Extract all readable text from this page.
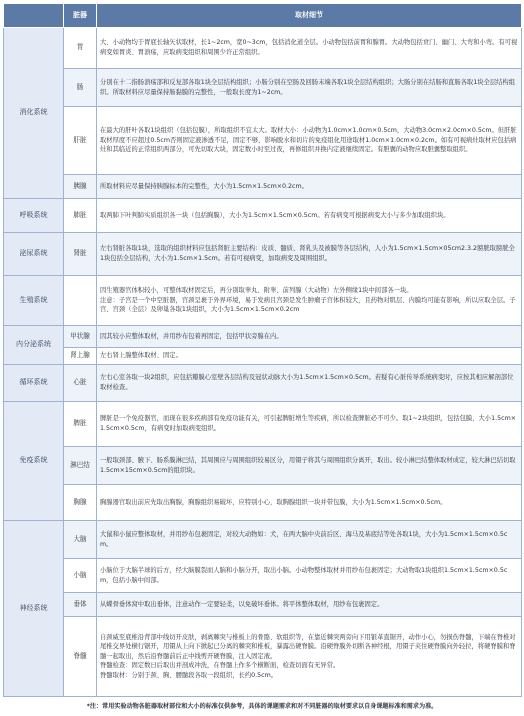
	脏器	取材细节
消化系统	胃	大、小动物均于胃底长轴矢状取材，长1~2cm，宽0~3cm，包括消化道全层。小动物包括前胃和腺胃。大动物包括贲门、幽门、大弯和小弯。有可视病变如胃炎、胃溃疡，应取病变组织和周围少许正常组织。
	肠	分别在十二指肠溃疡部和反复部各取1块全层结构组织；小肠分别在空肠及回肠末端各取1块全层结构组织；大肠分别在结肠和直肠各取1块全层结构组织。所取材料应尽量保持肠黏膜的完整性，一般取长度为1~2cm。
	肝脏	在最大的肝叶各取1块组织（包括包膜），所取组织不宜太大。取材大小：小动物为1.0cm×1.0cm×0.5cm，大动物3.0cm×2.0cm×0.5cm。但肝脏取材厚度不应超过0.5cm否则固定液渗透不足，固定不够，影响脱水和切片的免疫组化用途取材1.0cm×1.0cm×0.2cm。如有可视病灶取材应包括病灶和其临近的正常组织两部分，可先切取大块，固定数小时至过夜，再修组织并换内定液继续固定。有胆囊的动物应取胆囊整取组织。
	胰腺	所取材料应尽量保持胰腺标本的完整性，大小为1.5cm×1.5cm×0.2cm。
呼吸系统	肺脏	取两肺下叶判肺实质组织各一块（包括胸膜），大小为1.5cm×1.5cm×0.5cm。若有病变可根据病变大小与多少加取组织块。
泌尿系统	肾脏	左右肾脏各取1块，选取的组织材料应包括肾脏主要结构：皮质、髓质、肾乳头及被膜等各层结构，人小为1.5cm×1.5cm×05cm2.3.2膀胱取膀胱全1块包括全层结构，大小为1.5cm×1.5cm。若有可视病变，加取病变及周围组织。
生殖系统		因生殖器官体积较小，可整体取材固定后，再分别取睾丸、附睾、前列腺（大动物）左外侧缘1块中间部各一块。
注意：子宫是一个中空脏器，宫颈呈裹于外界环境，易于发病且宫颈是发生肿瘤子宫体积较大，且药物对肌层、内膜均可能有影响，所以应取全层。子宫、宫颈（全层）及卵巢各取1块组织，大小为1.5cm×1.5cm×0.2cm
内分泌系统	甲状腺	因其较小应整体取材，并用纱布包着再固定，包括甲状旁腺在内。
	肾上腺	左右肾上腺整体取材、固定。
循环系统	心脏	左右心室各取一块2组织，应包括瓣膜心室壁各层结构及冠状动脉大小为1.5cm×1.5cm×0.5cm。若疑有心脏传导系统病变时，应按其相应解剖部位取材检查。
免疫系统	脾脏	脾脏是一个免疫器官，而现在很多疾病部有免疫功能有关，可引起脾脏增生等疾病，所以检查脾脏必不可少。取1~2块组织，包括包膜，大小1.5cm×1.5cm×0.5cm，有病变时加取病变组织。
	淋巴结	一般取颈部、腋下、肠系膜淋巴结，其周围应与周围组织较易区分，用镊子将其与周围组织分离开，取出。较小淋巴结整体取材成定，较大淋巴结切取1.5cm×15cm×0.5cm的组织块。
	胸腺	胸腺器官取出前应先取出胸腺，胸腺组织易破坏，应特别小心，取胸腺组织一块并带包膜，大小为1.5cm×1.5cm×0.5cm。
神经系统	大脑	大鼠和小鼠应整体取材，并用纱布包裹固定，对较大动物如：犬，在两大脑中央前后区、海马及基底结等处各取1块，大小为1.5cm×1.5cm×0.5cm。
	小脑	小脑位于大脑半球的后方，经大脑膜裂而人脑和小脑分开，取出小脑。小动物整体取材并用纱布包裹固定；大动物取1块组织1.5cm×1.5cm×0.5cm，包括小脑中间部。
	垂体	从蝶骨垂体窝中取出垂体，注意动作一定要轻柔，以免破坏垂体。将平体整体取材，用纱布包裹固定。
	脊髓	自颈威至底椎沿背部中线切开皮肤，剥离棘突与椎板上的骨骼、软组织等，在靠近棘突两旁向下用银革直锯开，动作小心，勿损伤脊髓，下端在脊椎对尾椎交界处横行锯开，用镊从上向下掀起已分离的棘突和椎板，暴露出硬脊膜。沿硬脊膜外切断各神经根，用镊子夹住硬脊膜向外轻拉，将硬脊膜和脊髓一起取出，然后沿脊髓前后正中线剪开硬脊膜，注入固定液。
脊髓检查：固定数日后取出并剖成冲洗，在脊髓上作多个横断面，检查切面有无异常。
脊髓取材：分别于颈、胸、腰髓段各取一段组织，长约0.5cm。
*注：常用实验动物各脏器取材部位和大小的标准仅供参考，具体的课题需求和对不同脏器的取材要求以自身课题标准和需求为准。
